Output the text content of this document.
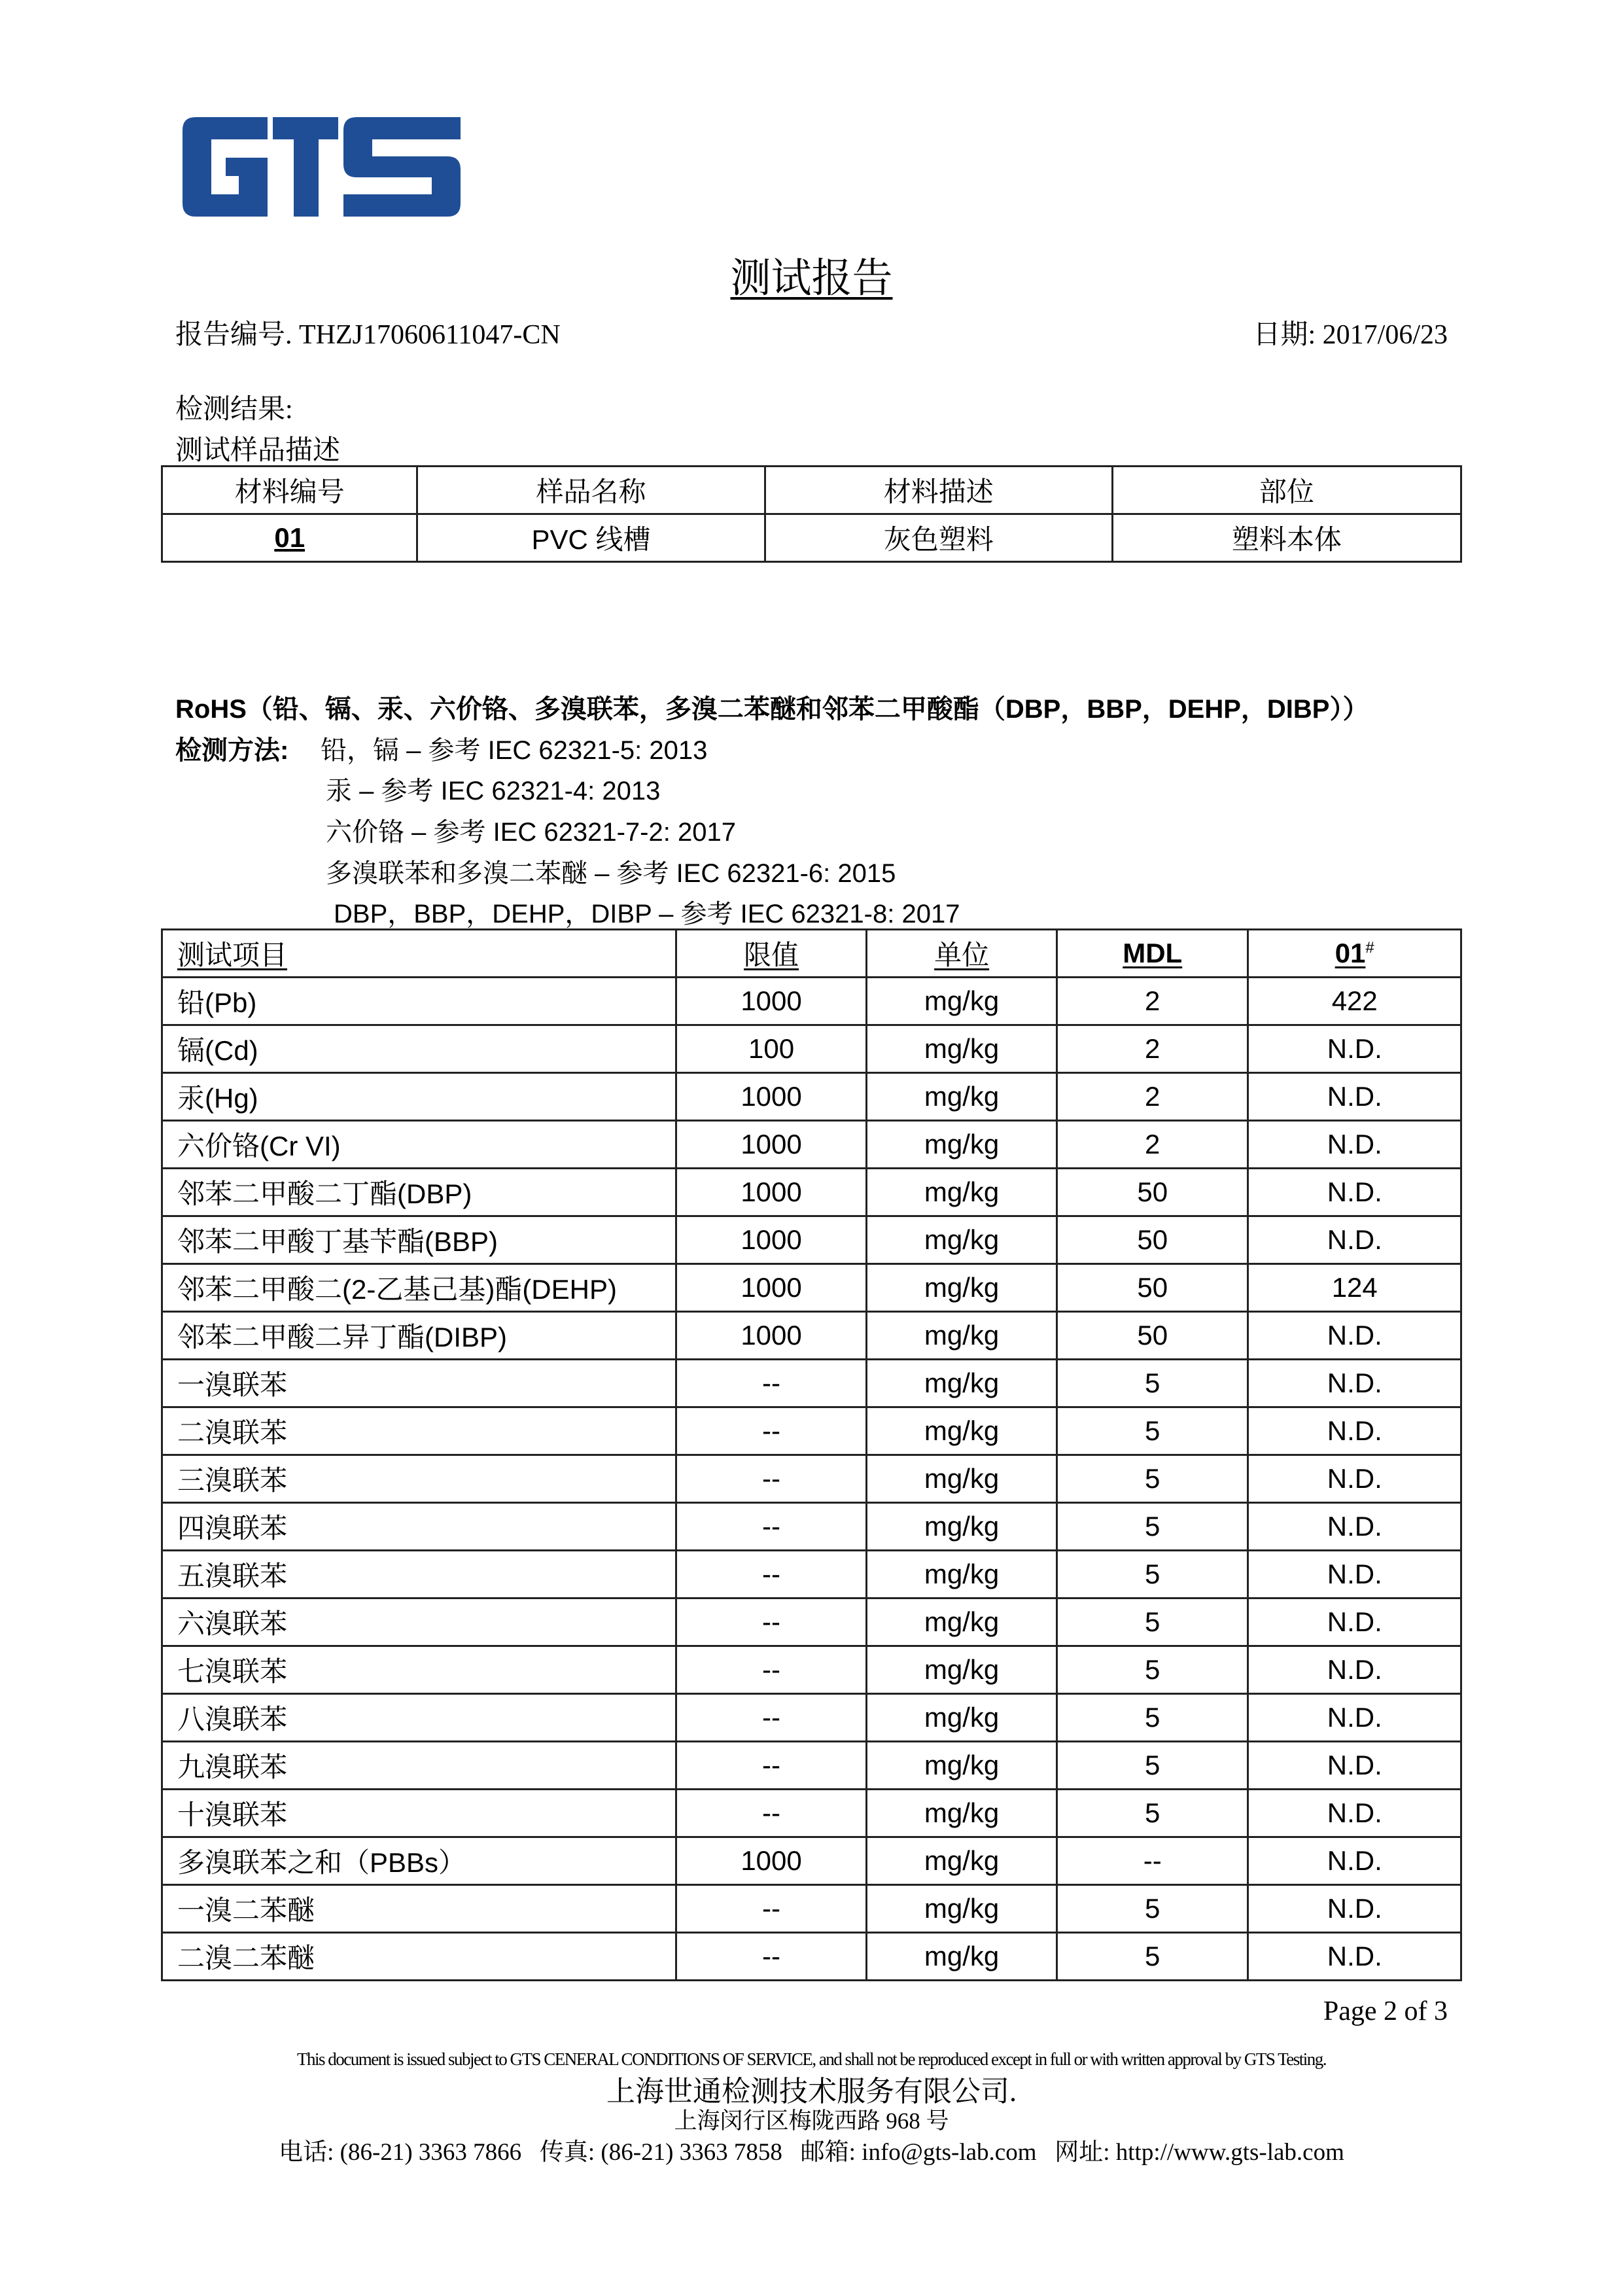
测试报告
报告编号. THZJ17060611047-CN	日期: 2017/06/23
检测结果:
测试样品描述
材料编号	样品名称	材料描述	部位
01	PVC 线槽	灰色塑料	塑料本体
RoHS（铅、镉、汞、六价铬、多溴联苯，多溴二苯醚和邻苯二甲酸酯（DBP，BBP，DEHP，DIBP））
检测方法: 铅，镉 – 参考 IEC 62321-5: 2013
汞 – 参考 IEC 62321-4: 2013
六价铬 – 参考 IEC 62321-7-2: 2017
多溴联苯和多溴二苯醚 – 参考 IEC 62321-6: 2015
DBP，BBP，DEHP，DIBP – 参考 IEC 62321-8: 2017
测试项目	限值	单位	MDL	01#
铅(Pb)	1000	mg/kg	2	422
镉(Cd)	100	mg/kg	2	N.D.
汞(Hg)	1000	mg/kg	2	N.D.
六价铬(Cr VI)	1000	mg/kg	2	N.D.
邻苯二甲酸二丁酯(DBP)	1000	mg/kg	50	N.D.
邻苯二甲酸丁基苄酯(BBP)	1000	mg/kg	50	N.D.
邻苯二甲酸二(2-乙基己基)酯(DEHP)	1000	mg/kg	50	124
邻苯二甲酸二异丁酯(DIBP)	1000	mg/kg	50	N.D.
一溴联苯	--	mg/kg	5	N.D.
二溴联苯	--	mg/kg	5	N.D.
三溴联苯	--	mg/kg	5	N.D.
四溴联苯	--	mg/kg	5	N.D.
五溴联苯	--	mg/kg	5	N.D.
六溴联苯	--	mg/kg	5	N.D.
七溴联苯	--	mg/kg	5	N.D.
八溴联苯	--	mg/kg	5	N.D.
九溴联苯	--	mg/kg	5	N.D.
十溴联苯	--	mg/kg	5	N.D.
多溴联苯之和（PBBs）	1000	mg/kg	--	N.D.
一溴二苯醚	--	mg/kg	5	N.D.
二溴二苯醚	--	mg/kg	5	N.D.
Page 2 of 3
This document is issued subject to GTS CENERAL CONDITIONS OF SERVICE, and shall not be reproduced except in full or with written approval by GTS Testing.
上海世通检测技术服务有限公司.
上海闵行区梅陇西路 968 号
电话: (86-21) 3363 7866   传真: (86-21) 3363 7858   邮箱: info@gts-lab.com   网址: http://www.gts-lab.com
